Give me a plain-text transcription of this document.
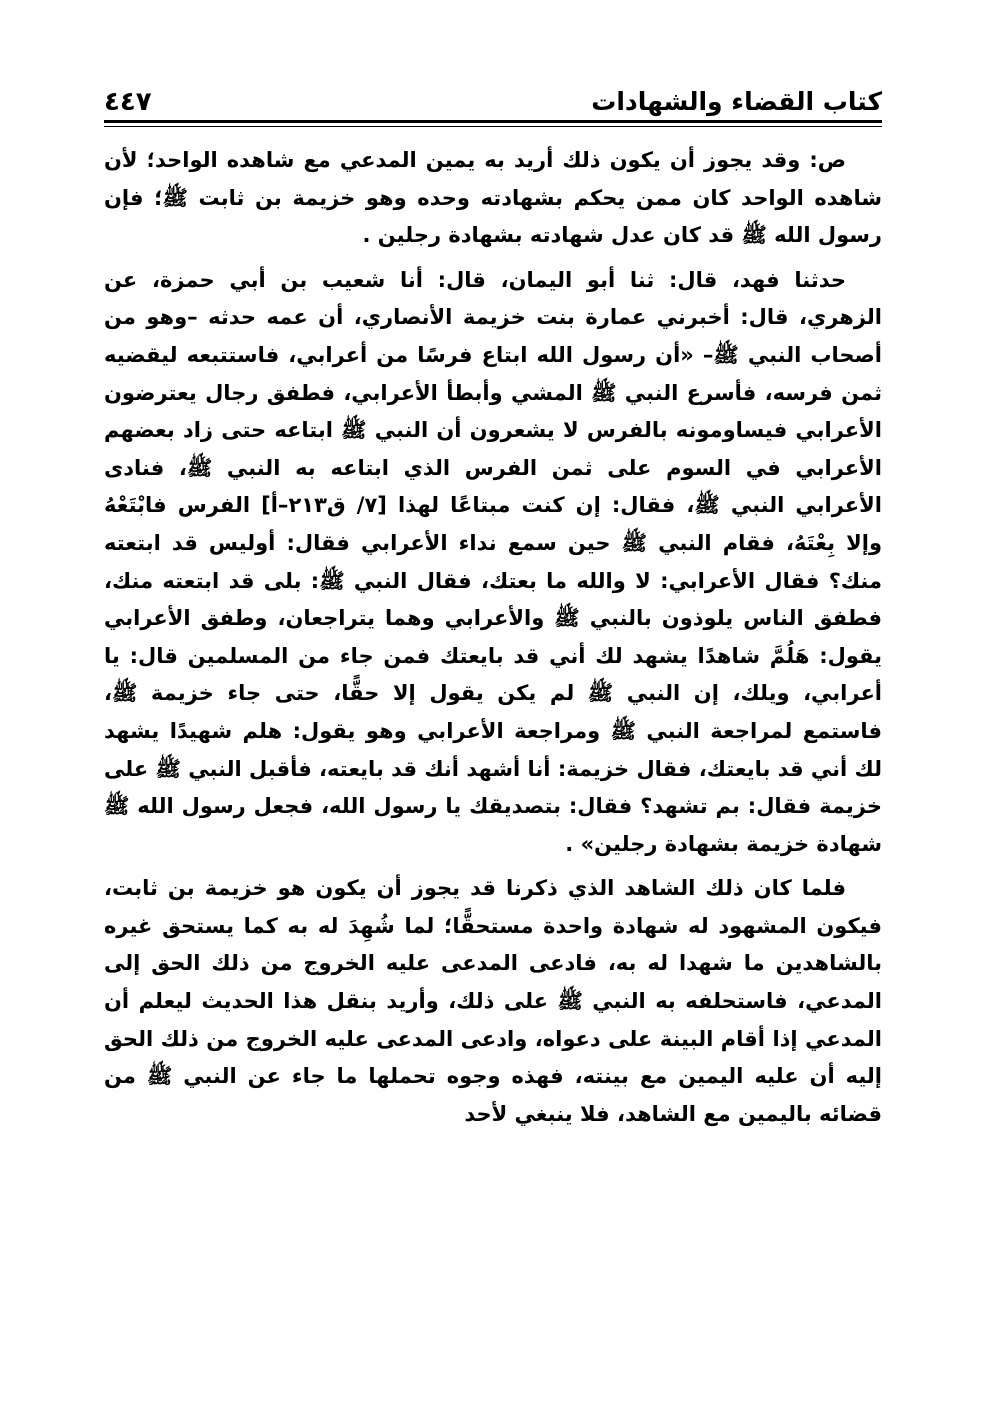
كتاب القضاء والشهادات
٤٤٧

ص: وقد يجوز أن يكون ذلك أريد به يمين المدعي مع شاهده الواحد؛ لأن شاهده الواحد كان ممن يحكم بشهادته وحده وهو خزيمة بن ثابت ﷺ؛ فإن رسول الله ﷺ قد كان عدل شهادته بشهادة رجلين .

حدثنا فهد، قال: ثنا أبو اليمان، قال: أنا شعيب بن أبي حمزة، عن الزهري، قال: أخبرني عمارة بنت خزيمة الأنصاري، أن عمه حدثه –وهو من أصحاب النبي ﷺ– «أن رسول الله ابتاع فرسًا من أعرابي، فاستتبعه ليقضيه ثمن فرسه، فأسرع النبي ﷺ المشي وأبطأ الأعرابي، فطفق رجال يعترضون الأعرابي فيساومونه بالفرس لا يشعرون أن النبي ﷺ ابتاعه حتى زاد بعضهم الأعرابي في السوم على ثمن الفرس الذي ابتاعه به النبي ﷺ، فنادى الأعرابي النبي ﷺ، فقال: إن كنت مبتاعًا لهذا [٧/ ق٢١٣–أ] الفرس فابْتَعْهُ وإلا بِعْتَهُ، فقام النبي ﷺ حين سمع نداء الأعرابي فقال: أوليس قد ابتعته منك؟ فقال الأعرابي: لا والله ما بعتك، فقال النبي ﷺ: بلى قد ابتعته منك، فطفق الناس يلوذون بالنبي ﷺ والأعرابي وهما يتراجعان، وطفق الأعرابي يقول: هَلُمَّ شاهدًا يشهد لك أني قد بايعتك فمن جاء من المسلمين قال: يا أعرابي، ويلك، إن النبي ﷺ لم يكن يقول إلا حقًّا، حتى جاء خزيمة ﷺ، فاستمع لمراجعة النبي ﷺ ومراجعة الأعرابي وهو يقول: هلم شهيدًا يشهد لك أني قد بايعتك، فقال خزيمة: أنا أشهد أنك قد بايعته، فأقبل النبي ﷺ على خزيمة فقال: بم تشهد؟ فقال: بتصديقك يا رسول الله، فجعل رسول الله ﷺ شهادة خزيمة بشهادة رجلين» .

فلما كان ذلك الشاهد الذي ذكرنا قد يجوز أن يكون هو خزيمة بن ثابت، فيكون المشهود له شهادة واحدة مستحقًّا؛ لما شُهِدَ له به كما يستحق غيره بالشاهدين ما شهدا له به، فادعى المدعى عليه الخروج من ذلك الحق إلى المدعي، فاستحلفه به النبي ﷺ على ذلك، وأريد بنقل هذا الحديث ليعلم أن المدعي إذا أقام البينة على دعواه، وادعى المدعى عليه الخروج من ذلك الحق إليه أن عليه اليمين مع بينته، فهذه وجوه تحملها ما جاء عن النبي ﷺ من قضائه باليمين مع الشاهد، فلا ينبغي لأحد
